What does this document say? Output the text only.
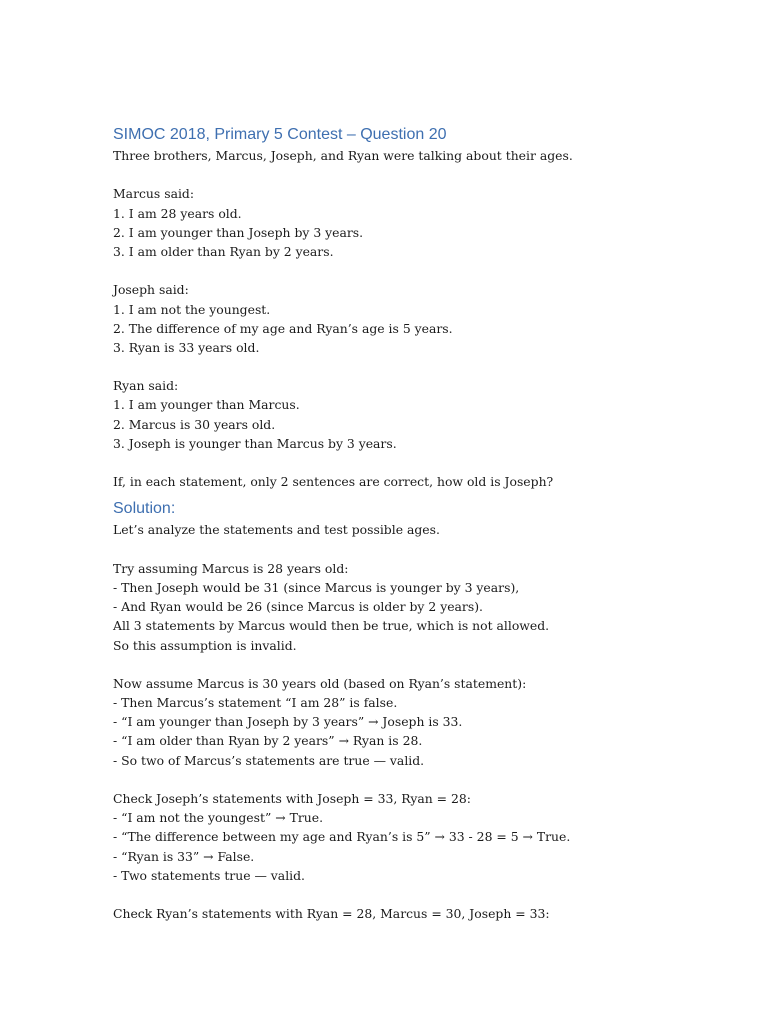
SIMOC 2018, Primary 5 Contest – Question 20
Three brothers, Marcus, Joseph, and Ryan were talking about their ages.
Marcus said:
1. I am 28 years old.
2. I am younger than Joseph by 3 years.
3. I am older than Ryan by 2 years.
Joseph said:
1. I am not the youngest.
2. The difference of my age and Ryan’s age is 5 years.
3. Ryan is 33 years old.
Ryan said:
1. I am younger than Marcus.
2. Marcus is 30 years old.
3. Joseph is younger than Marcus by 3 years.
If, in each statement, only 2 sentences are correct, how old is Joseph?
Solution:
Let’s analyze the statements and test possible ages.
Try assuming Marcus is 28 years old:
- Then Joseph would be 31 (since Marcus is younger by 3 years),
- And Ryan would be 26 (since Marcus is older by 2 years).
All 3 statements by Marcus would then be true, which is not allowed.
So this assumption is invalid.
Now assume Marcus is 30 years old (based on Ryan’s statement):
- Then Marcus’s statement “I am 28” is false.
- “I am younger than Joseph by 3 years” → Joseph is 33.
- “I am older than Ryan by 2 years” → Ryan is 28.
- So two of Marcus’s statements are true — valid.
Check Joseph’s statements with Joseph = 33, Ryan = 28:
- “I am not the youngest” → True.
- “The difference between my age and Ryan’s is 5” → 33 - 28 = 5 → True.
- “Ryan is 33” → False.
- Two statements true — valid.
Check Ryan’s statements with Ryan = 28, Marcus = 30, Joseph = 33:
